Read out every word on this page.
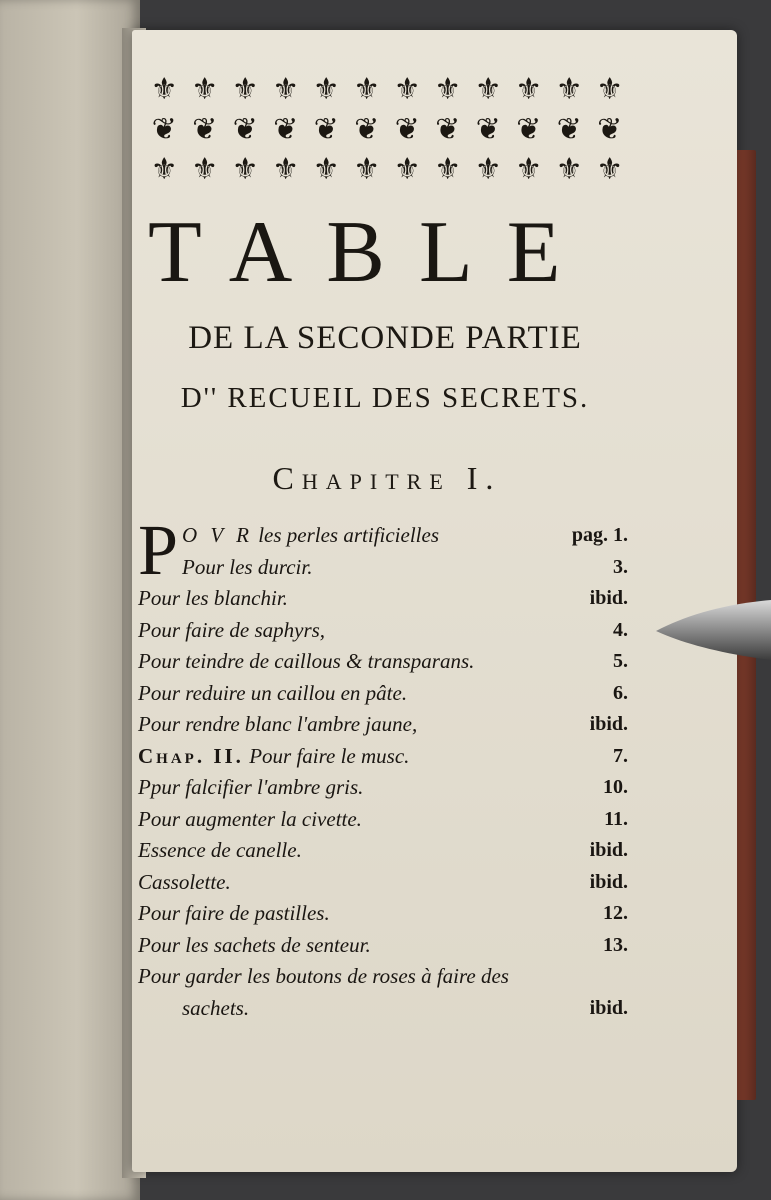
⚜ ⚜ ⚜ ⚜ ⚜ ⚜ ⚜ ⚜ ⚜ ⚜ ⚜ ⚜
❦ ❦ ❦ ❦ ❦ ❦ ❦ ❦ ❦ ❦ ❦ ❦
⚜ ⚜ ⚜ ⚜ ⚜ ⚜ ⚜ ⚜ ⚜ ⚜ ⚜ ⚜
TABLE
DE LA SECONDE PARTIE
D'' RECUEIL DES SECRETS.
Chapitre I.
P O V R les perles artificielles	pag. 1.
Pour les durcir.	3.
Pour les blanchir.	ibid.
Pour faire de saphyrs,	4.
Pour teindre de caillous & transparans.	5.
Pour reduire un caillou en pâte.	6.
Pour rendre blanc l'ambre jaune,	ibid.
Chap. II. Pour faire le musc.	7.
Ppur falcifier l'ambre gris.	10.
Pour augmenter la civette.	11.
Essence de canelle.	ibid.
Cassolette.	ibid.
Pour faire de pastilles.	12.
Pour les sachets de senteur.	13.
Pour garder les boutons de roses à faire des
sachets.	ibid.
